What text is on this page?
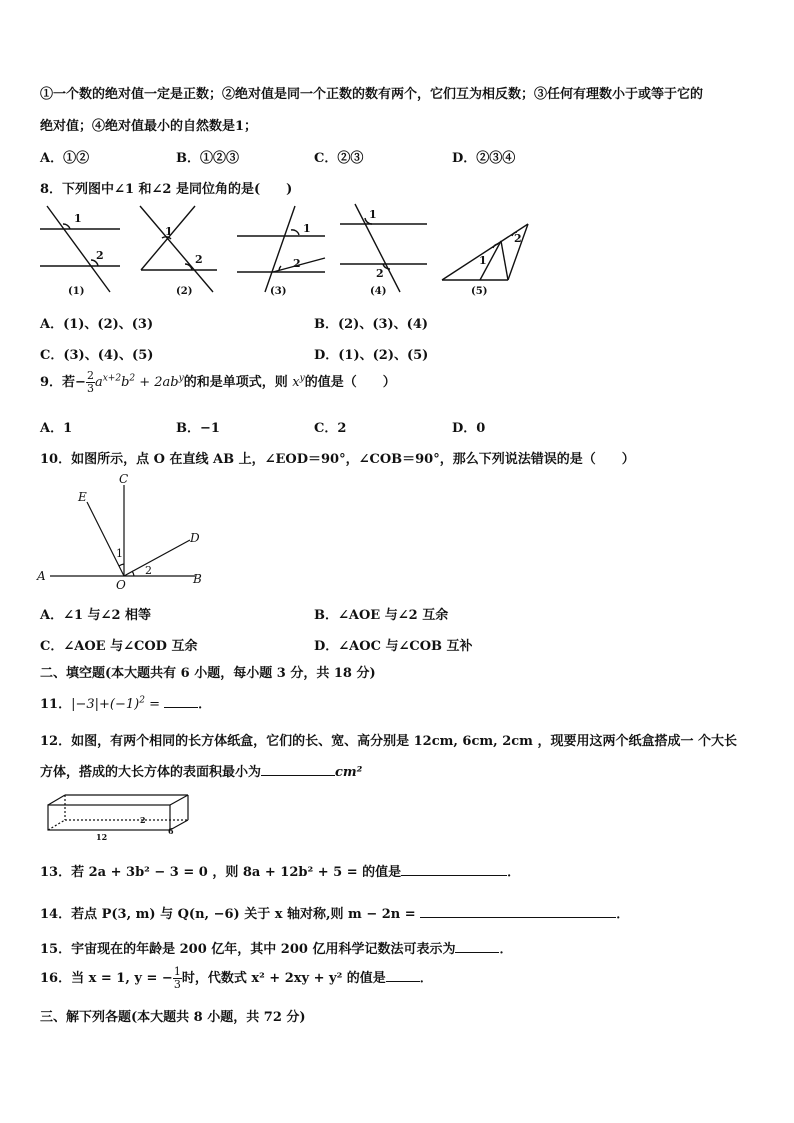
①一个数的绝对值一定是正数；②绝对值是同一个正数的数有两个，它们互为相反数；③任何有理数小于或等于它的
绝对值；④绝对值最小的自然数是1；
A．①②	B．①②③	C．②③	D．②③④
8．下列图中∠1 和∠2 是同位角的是(　　)
1
2
1
2
1
2
1
2
1
2
(1)	(2)	(3)	(4)	(5)
A．(1)、(2)、(3)	B．(2)、(3)、(4)
C．(3)、(4)、(5)	D．(1)、(2)、(5)
9．若− $\frac{2}{3} a^{x+2}b^2 + 2ab^y$的和是单项式，则 $x^y$的值是（　　）
A．1	B．−1	C．2	D．0
10．如图所示，点 O 在直线 AB 上，∠EOD＝90°，∠COB＝90°，那么下列说法错误的是（　　）
A	B
C
D
E
O
1
2
A．∠1 与∠2 相等	B．∠AOE 与∠2 互余
C．∠AOE 与∠COD 互余	D．∠AOC 与∠COB 互补
二、填空题(本大题共有 6 小题，每小题 3 分，共 18 分)
11．$|-3|+(-1)^2$ =	．
12．如图，有两个相同的长方体纸盒，它们的长、宽、高分别是 12cm, 6cm, 2cm ，现要用这两个纸盒搭成一 个大长
方体，搭成的大长方体的表面积最小为	cm²
12
2
6
13．若 2a + 3b² − 3 = 0 ，则 8a + 12b² + 5 = 的值是	．
14．若点 P(3, m) 与 Q(n, −6) 关于 x 轴对称,则 m − 2n =	．
15．宇宙现在的年龄是 200 亿年，其中 200 亿用科学记数法可表示为	．
16．当 x = 1, y = − $\frac{1}{3}$ 时，代数式 x² + 2xy + y² 的值是	．
三、解下列各题(本大题共 8 小题，共 72 分)
